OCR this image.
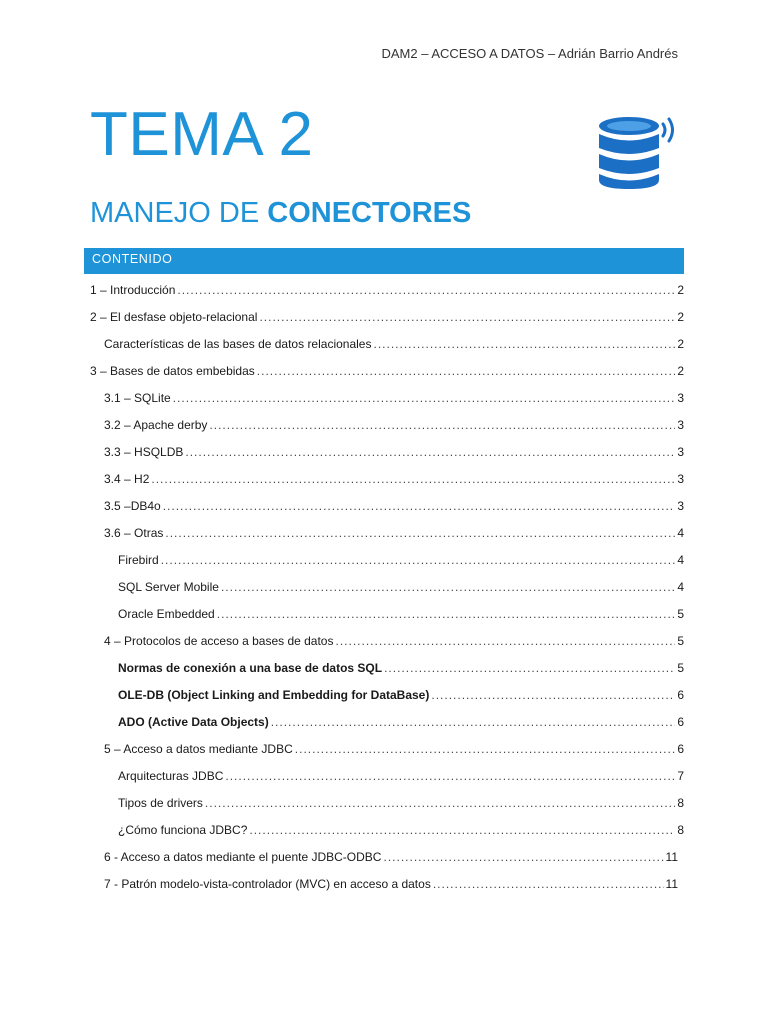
DAM2 – ACCESO A DATOS – Adrián Barrio Andrés
TEMA 2
MANEJO DE CONECTORES
CONTENIDO
1 – Introducción .....	2
2 – El desfase objeto-relacional .....	2
Características de las bases de datos relacionales .....	2
3 – Bases de datos embebidas .....	2
3.1 – SQLite .....	3
3.2 – Apache derby .....	3
3.3 – HSQLDB .....	3
3.4 – H2 .....	3
3.5 –DB4o .....	3
3.6 – Otras .....	4
Firebird .....	4
SQL Server Mobile .....	4
Oracle Embedded .....	5
4 – Protocolos de acceso a bases de datos .....	5
Normas de conexión a una base de datos SQL .....	5
OLE-DB (Object Linking and Embedding for DataBase) .....	6
ADO (Active Data Objects) .....	6
5 – Acceso a datos mediante JDBC .....	6
Arquitecturas JDBC .....	7
Tipos de drivers .....	8
¿Cómo funciona JDBC? .....	8
6 - Acceso a datos mediante el puente JDBC-ODBC .....	11
7 - Patrón modelo-vista-controlador (MVC) en acceso a datos .....	11
